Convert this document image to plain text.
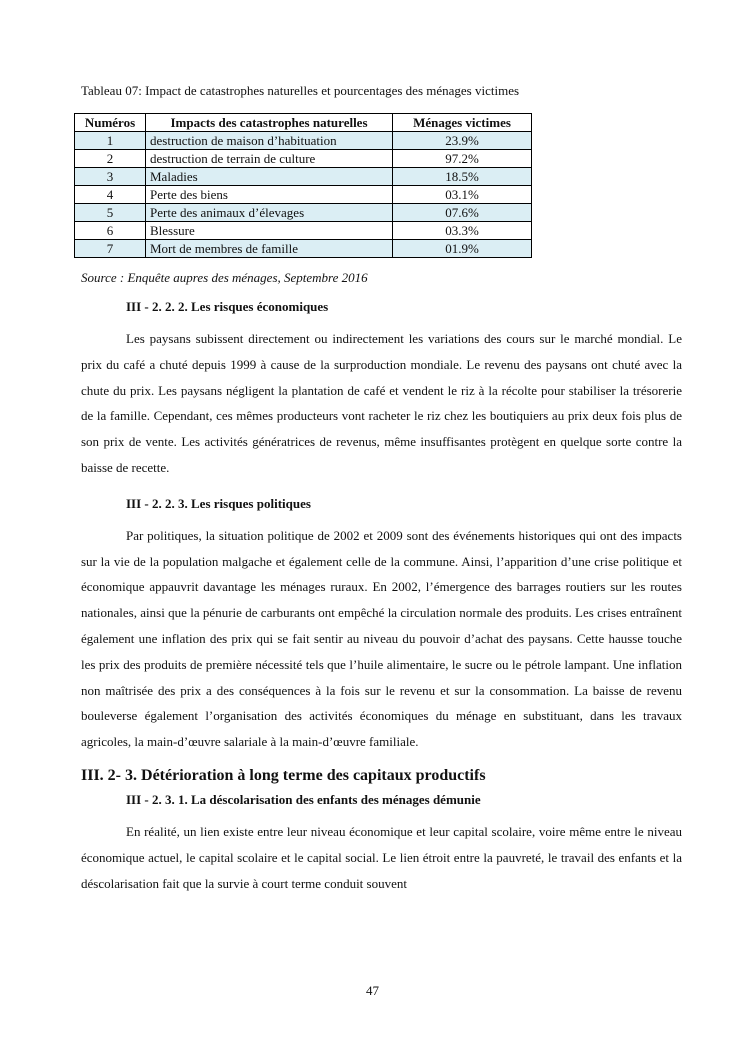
Tableau 07: Impact de catastrophes naturelles et pourcentages des ménages victimes
Numéros	Impacts des catastrophes naturelles	Ménages victimes
1	destruction de maison d’habituation	23.9%
2	destruction de terrain de culture	97.2%
3	Maladies	18.5%
4	Perte des biens	03.1%
5	Perte des animaux d’élevages	07.6%
6	Blessure	03.3%
7	Mort de membres de famille	01.9%
Source : Enquête aupres des ménages, Septembre 2016
III - 2. 2. 2. Les risques économiques

Les paysans subissent directement ou indirectement les variations des cours sur le marché mondial. Le prix du café a chuté depuis 1999 à cause de la surproduction mondiale. Le revenu des paysans ont chuté avec la chute du prix. Les paysans négligent la plantation de café et vendent le riz à la récolte pour stabiliser la trésorerie de la famille. Cependant, ces mêmes producteurs vont racheter le riz chez les boutiquiers au prix deux fois plus de son prix de vente. Les activités génératrices de revenus, même insuffisantes protègent en quelque sorte contre la baisse de recette.

III - 2. 2. 3. Les risques politiques

Par politiques, la situation politique de 2002 et 2009 sont des événements historiques qui ont des impacts sur la vie de la population malgache et également celle de la commune. Ainsi, l’apparition d’une crise politique et économique appauvrit davantage les ménages ruraux. En 2002, l’émergence des barrages routiers sur les routes nationales, ainsi que la pénurie de carburants ont empêché la circulation normale des produits. Les crises entraînent également une inflation des prix qui se fait sentir au niveau du pouvoir d’achat des paysans. Cette hausse touche les prix des produits de première nécessité tels que l’huile alimentaire, le sucre ou le pétrole lampant. Une inflation non maîtrisée des prix a des conséquences à la fois sur le revenu et sur la consommation. La baisse de revenu bouleverse également l’organisation des activités économiques du ménage en substituant, dans les travaux agricoles, la main-d’œuvre salariale à la main-d’œuvre familiale.

III. 2- 3. Détérioration à long terme des capitaux productifs
III - 2. 3. 1. La déscolarisation des enfants des ménages démunie

En réalité, un lien existe entre leur niveau économique et leur capital scolaire, voire même entre le niveau économique actuel, le capital scolaire et le capital social. Le lien étroit entre la pauvreté, le travail des enfants et la déscolarisation fait que la survie à court terme conduit souvent

47
